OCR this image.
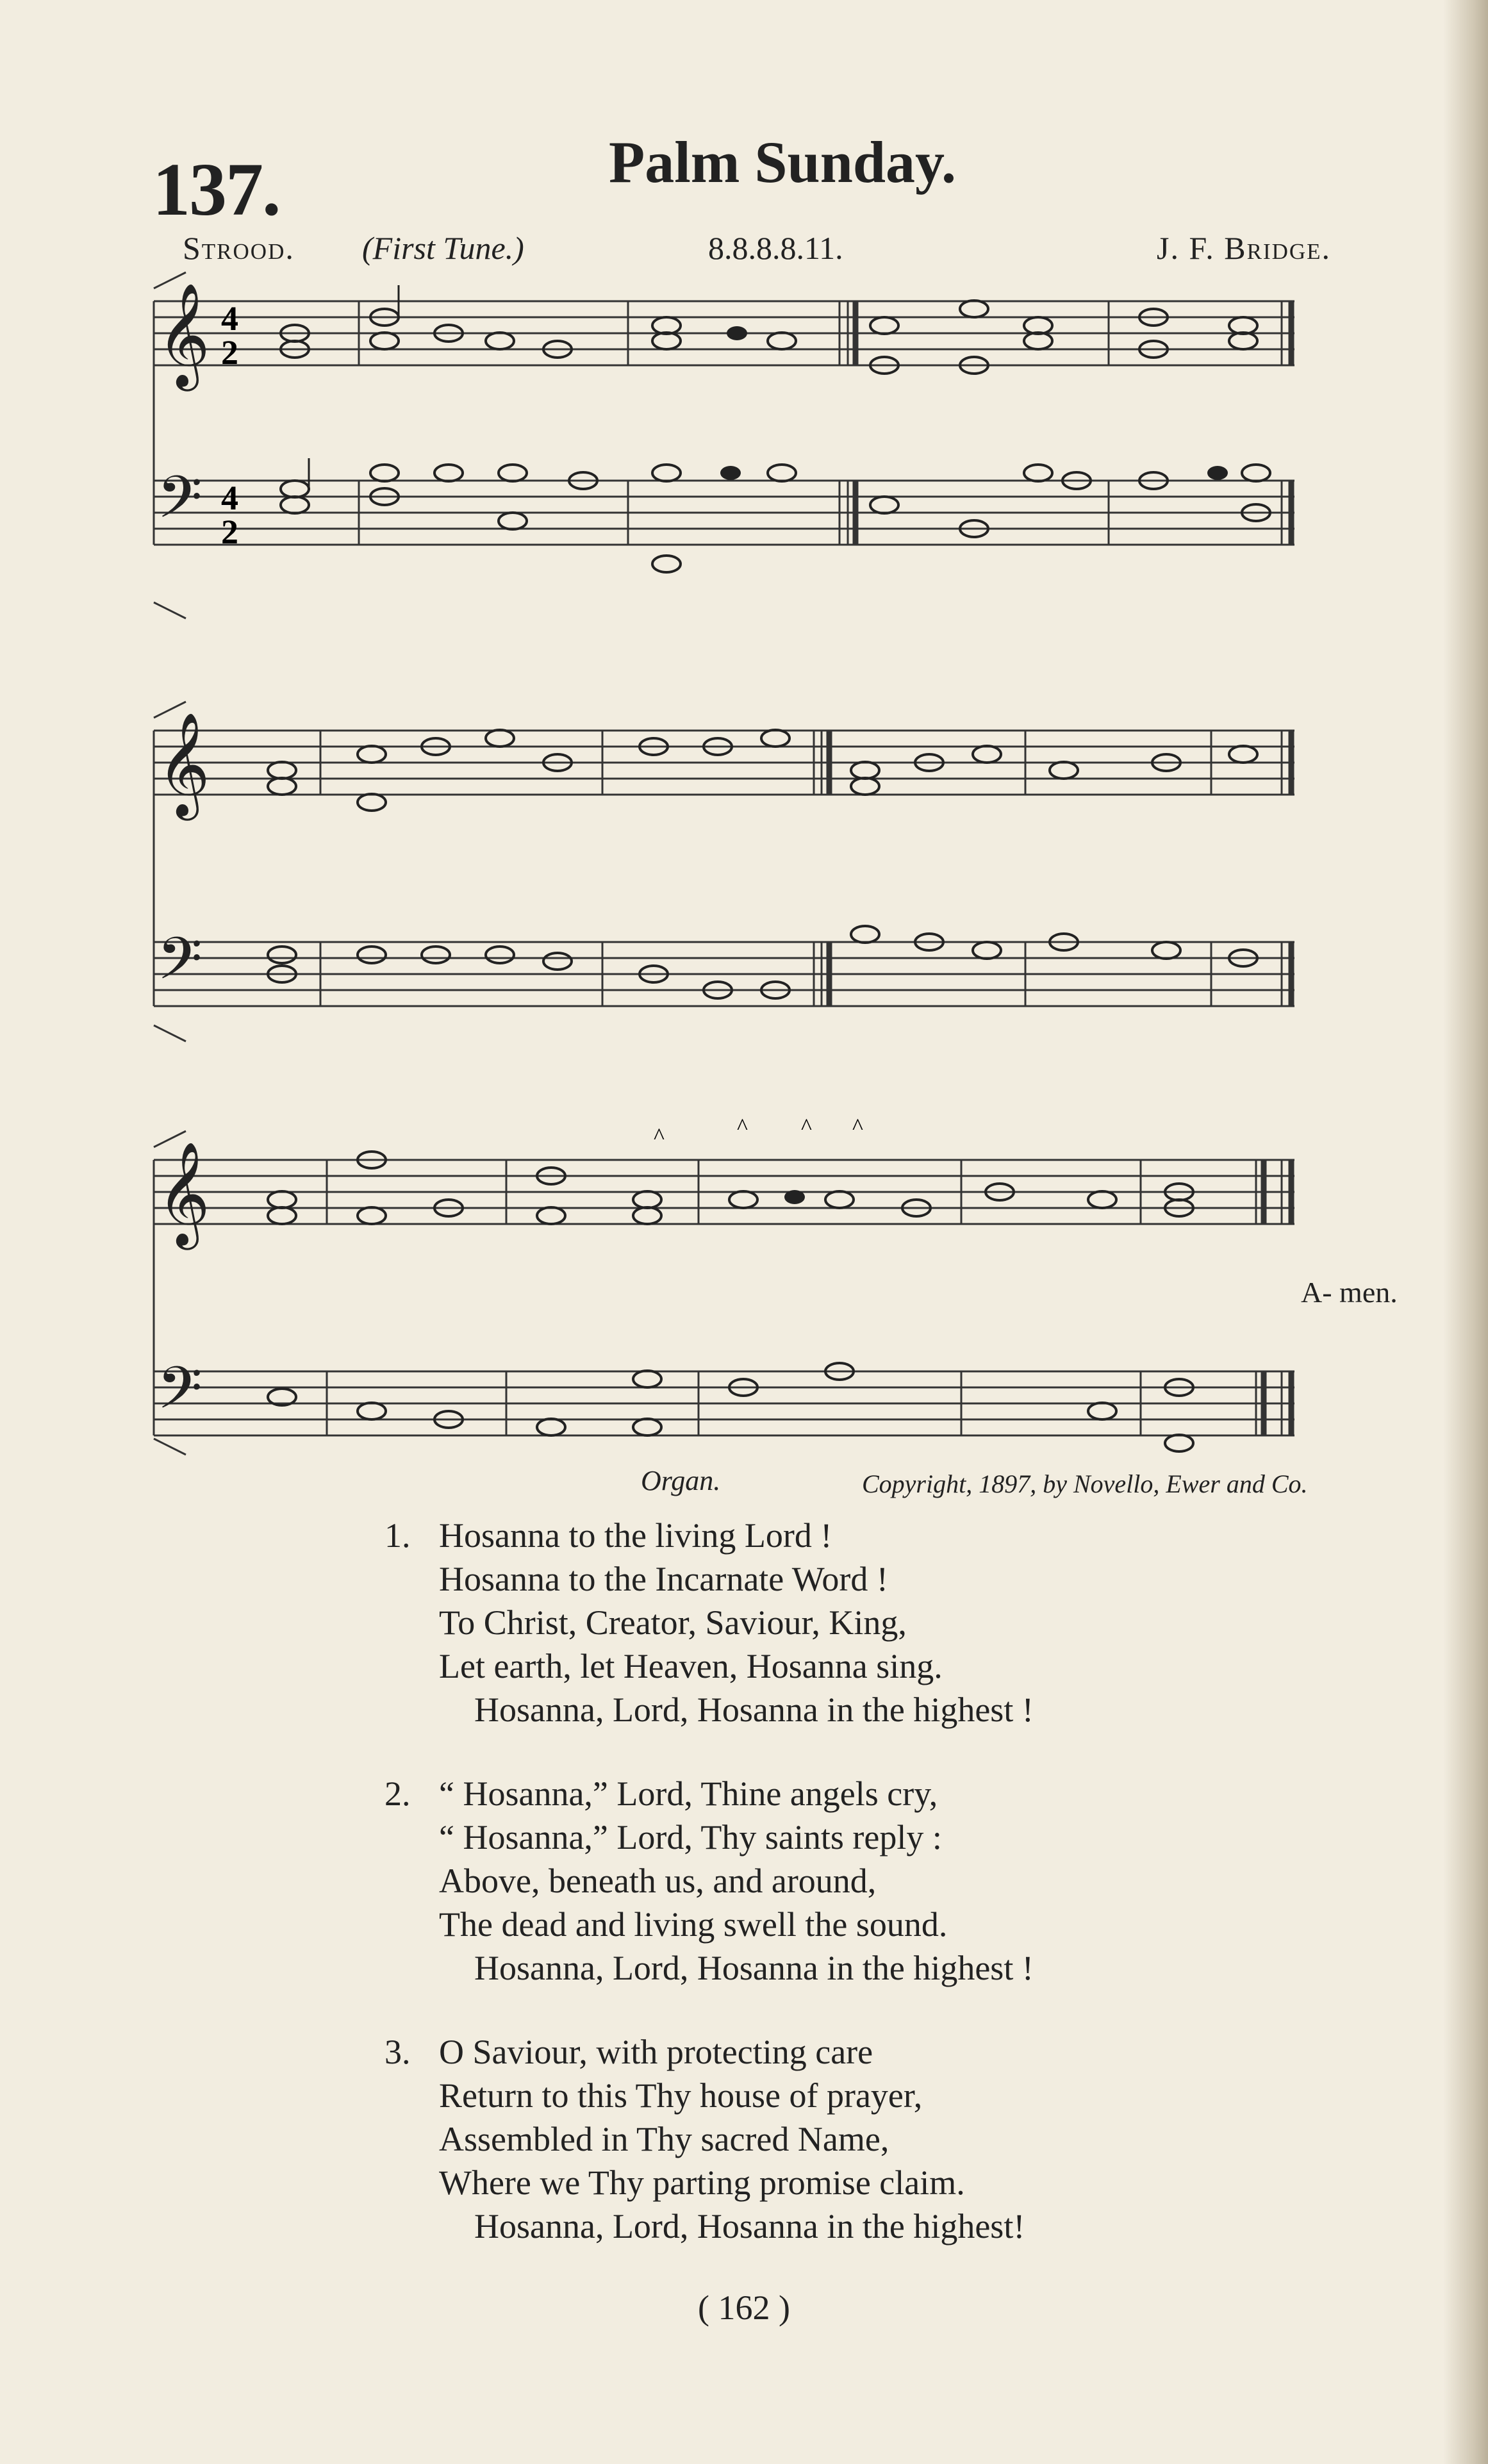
137.	Palm Sunday.
Strood. (First Tune.)	8.8.8.8.11.	J. F. Bridge.
𝄞 4
2
𝄢 4
2
𝄞
𝄢
𝄞
𝄢
^	^ ^ ^
A- men.
Organ.	Copyright, 1897, by Novello, Ewer and Co.
1. Hosanna to the living Lord !
Hosanna to the Incarnate Word !
To Christ, Creator, Saviour, King,
Let earth, let Heaven, Hosanna sing.
Hosanna, Lord, Hosanna in the highest !
2. “ Hosanna,” Lord, Thine angels cry,
“ Hosanna,” Lord, Thy saints reply :
Above, beneath us, and around,
The dead and living swell the sound.
Hosanna, Lord, Hosanna in the highest !
3. O Saviour, with protecting care
Return to this Thy house of prayer,
Assembled in Thy sacred Name,
Where we Thy parting promise claim.
Hosanna, Lord, Hosanna in the highest!
( 162 )
